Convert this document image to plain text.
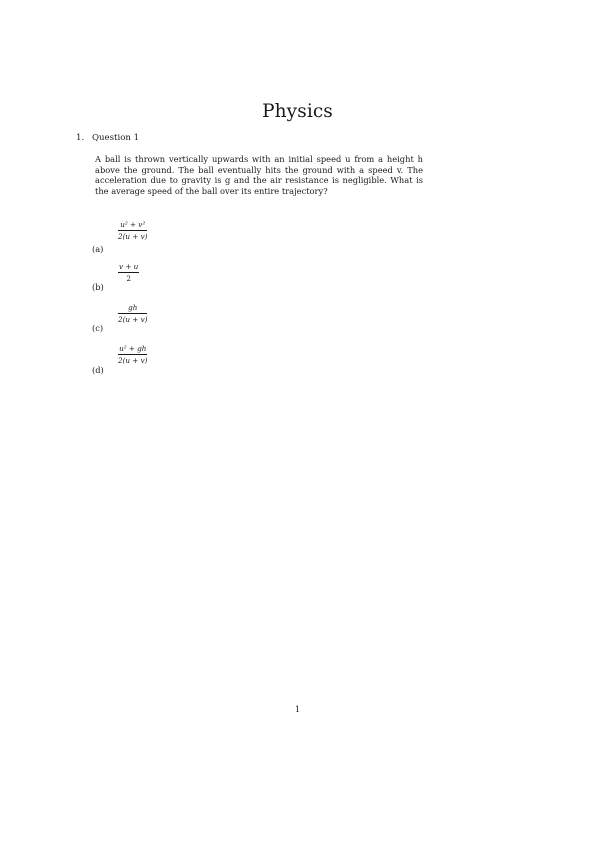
Physics
1. Question 1
A ball is thrown vertically upwards with an initial speed u from a height h
above the ground. The ball eventually hits the ground with a speed v. The
acceleration due to gravity is g and the air resistance is negligible. What is
the average speed of the ball over its entire trajectory?
(a)
u² + v²
2(u + v)
(b)
v + u
2
(c)
gh
2(u + v)
(d)
u² + gh
2(u + v)
1
